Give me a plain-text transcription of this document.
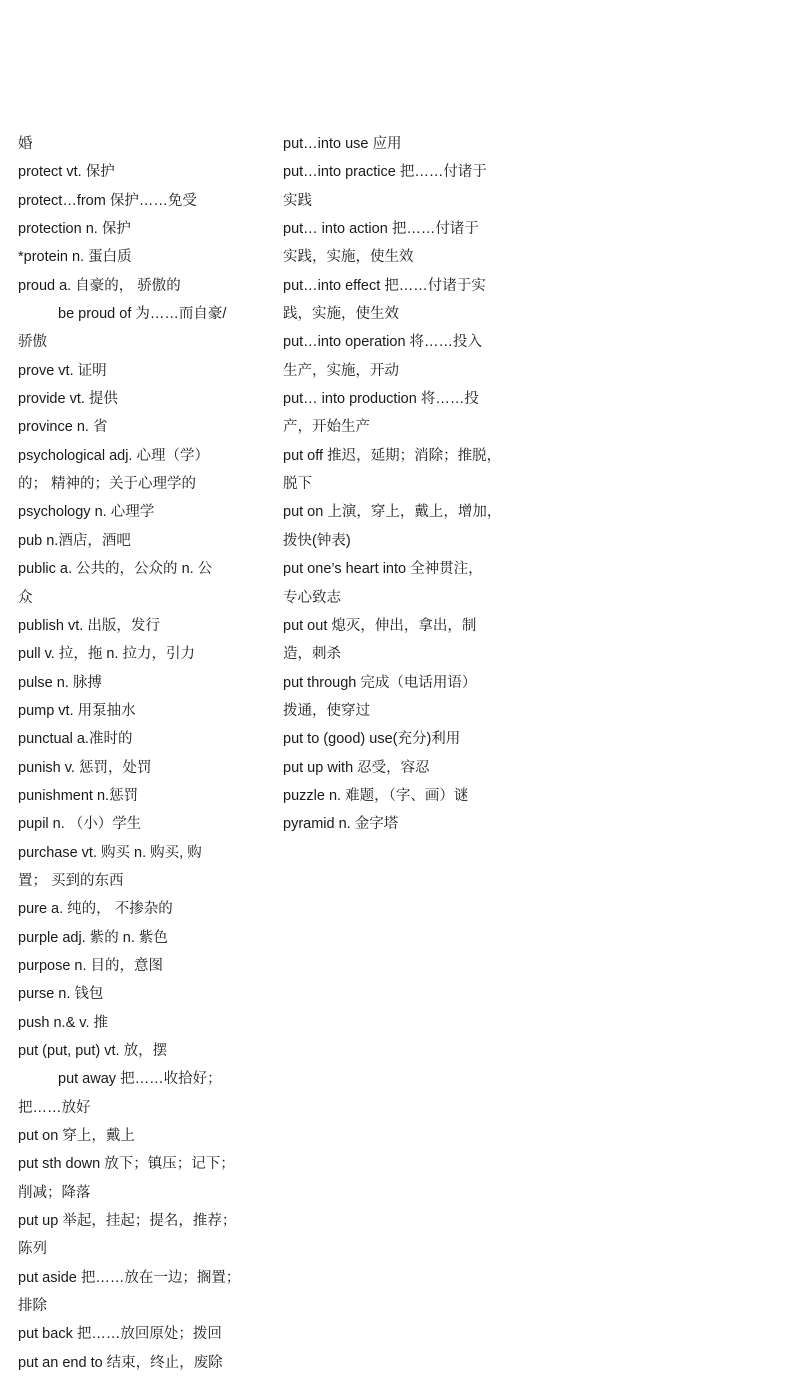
婚
protect vt. 保护
protect…from 保护……免受
protection n. 保护
*protein n. 蛋白质
proud a. 自豪的， 骄傲的
be proud of 为……而自豪/
骄傲
prove vt. 证明
provide vt. 提供
province n. 省
psychological adj. 心理（学）
的； 精神的；关于心理学的
psychology n. 心理学
pub n.酒店，酒吧
public a. 公共的，公众的 n. 公
众
publish vt. 出版，发行
pull v. 拉，拖 n. 拉力，引力
pulse n. 脉搏
pump vt. 用泵抽水
punctual a.准时的
punish v. 惩罚，处罚
punishment n.惩罚
pupil n. （小）学生
purchase vt. 购买 n. 购买, 购
置； 买到的东西
pure a. 纯的， 不掺杂的
purple adj. 紫的 n. 紫色
purpose n. 目的，意图
purse n. 钱包
push n.& v. 推
put (put, put) vt. 放，摆
put away 把……收拾好；
把……放好
put on 穿上，戴上
put sth down 放下；镇压；记下；
削减；降落
put up 举起，挂起；提名，推荐；
陈列
put aside 把……放在一边；搁置；
排除
put back 把……放回原处；拨回
put an end to 结束，终止，废除
put…into use 应用
put…into practice 把……付诸于
实践
put… into action 把……付诸于
实践，实施，使生效
put…into effect 把……付诸于实
践，实施，使生效
put…into operation 将……投入
生产，实施，开动
put… into production 将……投
产，开始生产
put off 推迟，延期；消除；推脱，
脱下
put on 上演，穿上，戴上，增加，
拨快(钟表)
put one’s heart into 全神贯注，
专心致志
put out 熄灭，伸出，拿出，制
造，刺杀
put through 完成（电话用语）
拨通，使穿过
put to (good) use(充分)利用
put up with 忍受，容忍
puzzle n. 难题，（字、画）谜
pyramid n. 金字塔
